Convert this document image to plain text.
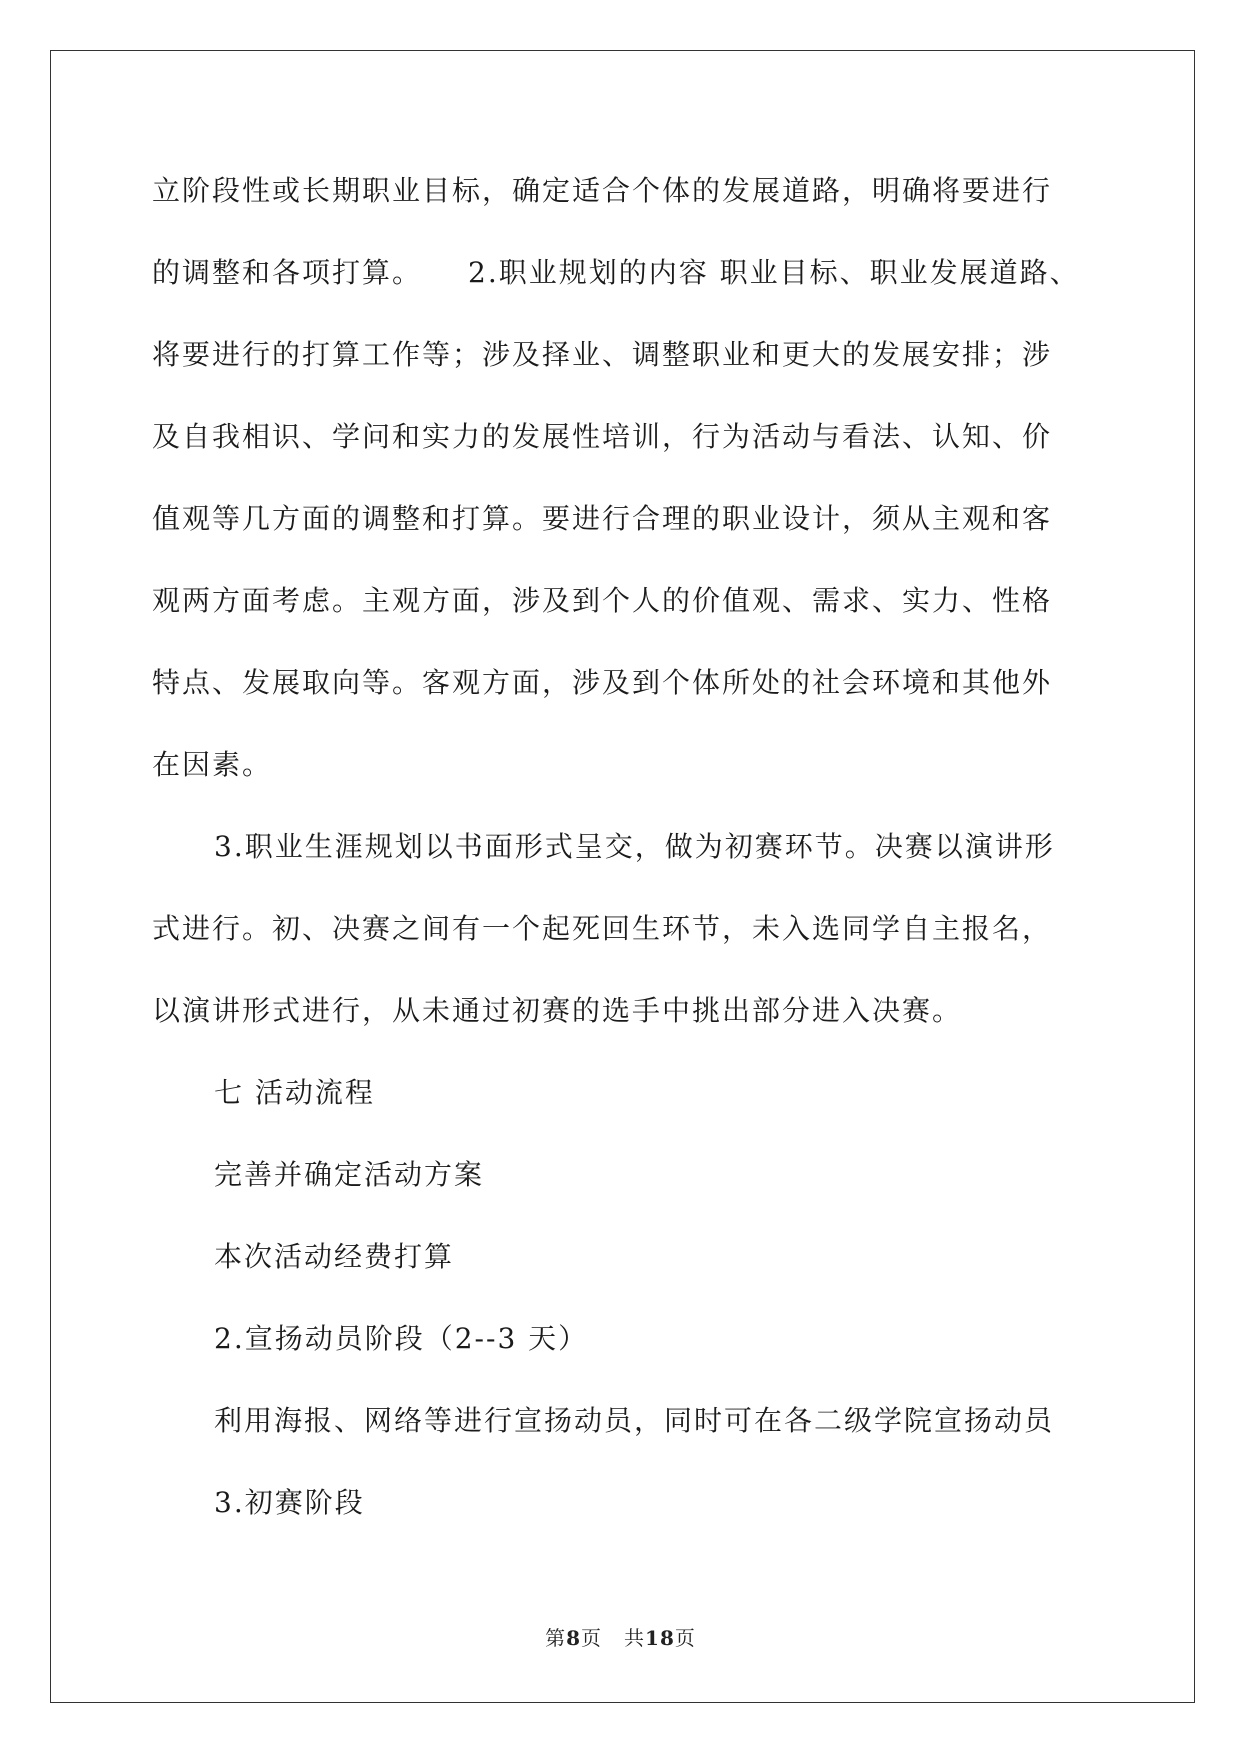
立阶段性或长期职业目标，确定适合个体的发展道路，明确将要进行

的调整和各项打算。　　2.职业规划的内容 职业目标、职业发展道路、

将要进行的打算工作等；涉及择业、调整职业和更大的发展安排；涉

及自我相识、学问和实力的发展性培训，行为活动与看法、认知、价

值观等几方面的调整和打算。要进行合理的职业设计，须从主观和客

观两方面考虑。主观方面，涉及到个人的价值观、需求、实力、性格

特点、发展取向等。客观方面，涉及到个体所处的社会环境和其他外

在因素。

3.职业生涯规划以书面形式呈交，做为初赛环节。决赛以演讲形

式进行。初、决赛之间有一个起死回生环节，未入选同学自主报名，

以演讲形式进行，从未通过初赛的选手中挑出部分进入决赛。

七 活动流程

完善并确定活动方案

本次活动经费打算

2.宣扬动员阶段（2--3 天）

利用海报、网络等进行宣扬动员，同时可在各二级学院宣扬动员

3.初赛阶段

第8页 共18页
